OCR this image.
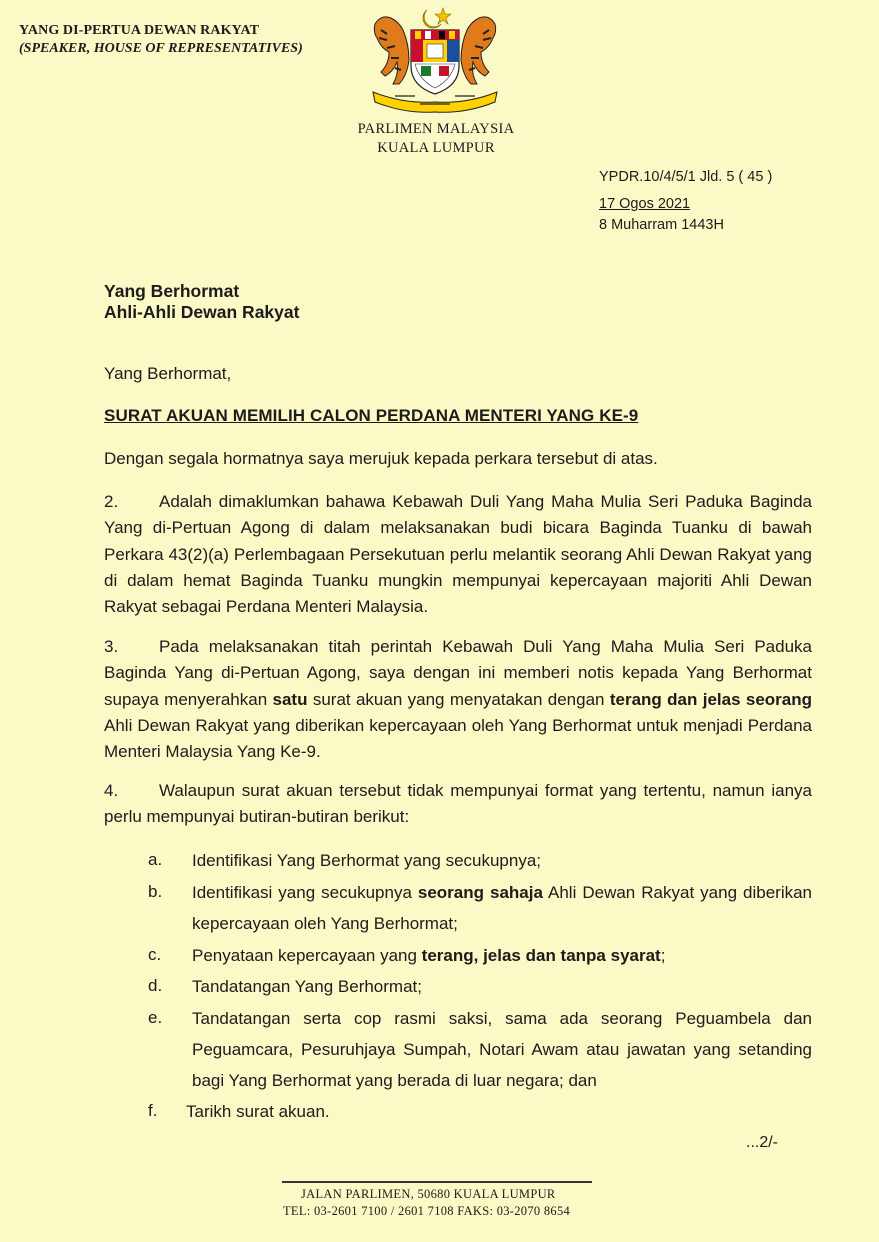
YANG DI-PERTUA DEWAN RAKYAT
(SPEAKER, HOUSE OF REPRESENTATIVES)
PARLIMEN MALAYSIA
KUALA LUMPUR
YPDR.10/4/5/1 Jld. 5 ( 45 )
17 Ogos 2021
8 Muharram 1443H
Yang Berhormat
Ahli-Ahli Dewan Rakyat
Yang Berhormat,
SURAT AKUAN MEMILIH CALON PERDANA MENTERI YANG KE-9
Dengan segala hormatnya saya merujuk kepada perkara tersebut di atas.
2. Adalah dimaklumkan bahawa Kebawah Duli Yang Maha Mulia Seri Paduka Baginda Yang di-Pertuan Agong di dalam melaksanakan budi bicara Baginda Tuanku di bawah Perkara 43(2)(a) Perlembagaan Persekutuan perlu melantik seorang Ahli Dewan Rakyat yang di dalam hemat Baginda Tuanku mungkin mempunyai kepercayaan majoriti Ahli Dewan Rakyat sebagai Perdana Menteri Malaysia.
3. Pada melaksanakan titah perintah Kebawah Duli Yang Maha Mulia Seri Paduka Baginda Yang di-Pertuan Agong, saya dengan ini memberi notis kepada Yang Berhormat supaya menyerahkan satu surat akuan yang menyatakan dengan terang dan jelas seorang Ahli Dewan Rakyat yang diberikan kepercayaan oleh Yang Berhormat untuk menjadi Perdana Menteri Malaysia Yang Ke-9.
4. Walaupun surat akuan tersebut tidak mempunyai format yang tertentu, namun ianya perlu mempunyai butiran-butiran berikut:
a. Identifikasi Yang Berhormat yang secukupnya;
b. Identifikasi yang secukupnya seorang sahaja Ahli Dewan Rakyat yang diberikan kepercayaan oleh Yang Berhormat;
c. Penyataan kepercayaan yang terang, jelas dan tanpa syarat;
d. Tandatangan Yang Berhormat;
e. Tandatangan serta cop rasmi saksi, sama ada seorang Peguambela dan Peguamcara, Pesuruhjaya Sumpah, Notari Awam atau jawatan yang setanding bagi Yang Berhormat yang berada di luar negara; dan
f. Tarikh surat akuan.
...2/-
JALAN PARLIMEN, 50680 KUALA LUMPUR
TEL: 03-2601 7100 / 2601 7108 FAKS: 03-2070 8654
